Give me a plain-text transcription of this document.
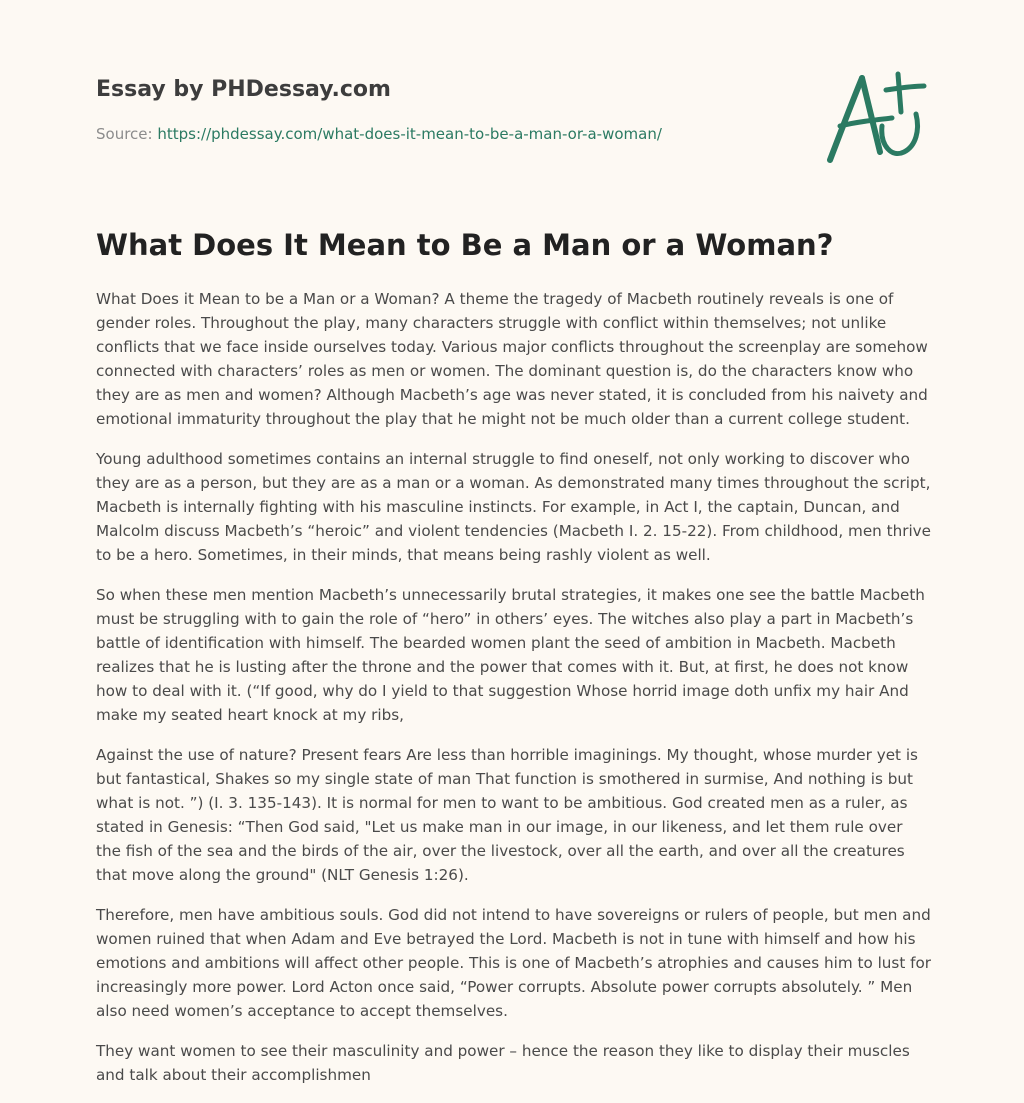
Essay by PHDessay.com
Source: https://phdessay.com/what-does-it-mean-to-be-a-man-or-a-woman/
What Does It Mean to Be a Man or a Woman?

What Does it Mean to be a Man or a Woman? A theme the tragedy of Macbeth routinely reveals is one of gender roles. Throughout the play, many characters struggle with conflict within themselves; not unlike conflicts that we face inside ourselves today. Various major conflicts throughout the screenplay are somehow connected with characters’ roles as men or women. The dominant question is, do the characters know who they are as men and women? Although Macbeth’s age was never stated, it is concluded from his naivety and emotional immaturity throughout the play that he might not be much older than a current college student.

Young adulthood sometimes contains an internal struggle to find oneself, not only working to discover who they are as a person, but they are as a man or a woman. As demonstrated many times throughout the script, Macbeth is internally fighting with his masculine instincts. For example, in Act I, the captain, Duncan, and Malcolm discuss Macbeth’s “heroic” and violent tendencies (Macbeth I. 2. 15-22). From childhood, men thrive to be a hero. Sometimes, in their minds, that means being rashly violent as well.

So when these men mention Macbeth’s unnecessarily brutal strategies, it makes one see the battle Macbeth must be struggling with to gain the role of “hero” in others’ eyes. The witches also play a part in Macbeth’s battle of identification with himself. The bearded women plant the seed of ambition in Macbeth. Macbeth realizes that he is lusting after the throne and the power that comes with it. But, at first, he does not know how to deal with it. (“If good, why do I yield to that suggestion Whose horrid image doth unfix my hair And make my seated heart knock at my ribs,

Against the use of nature? Present fears Are less than horrible imaginings. My thought, whose murder yet is but fantastical, Shakes so my single state of man That function is smothered in surmise, And nothing is but what is not. ”) (I. 3. 135-143). It is normal for men to want to be ambitious. God created men as a ruler, as stated in Genesis: “Then God said, "Let us make man in our image, in our likeness, and let them rule over the fish of the sea and the birds of the air, over the livestock, over all the earth, and over all the creatures that move along the ground" (NLT Genesis 1:26).

Therefore, men have ambitious souls. God did not intend to have sovereigns or rulers of people, but men and women ruined that when Adam and Eve betrayed the Lord. Macbeth is not in tune with himself and how his emotions and ambitions will affect other people. This is one of Macbeth’s atrophies and causes him to lust for increasingly more power. Lord Acton once said, “Power corrupts. Absolute power corrupts absolutely. ” Men also need women’s acceptance to accept themselves.

They want women to see their masculinity and power – hence the reason they like to display their muscles and talk about their accomplishmen
